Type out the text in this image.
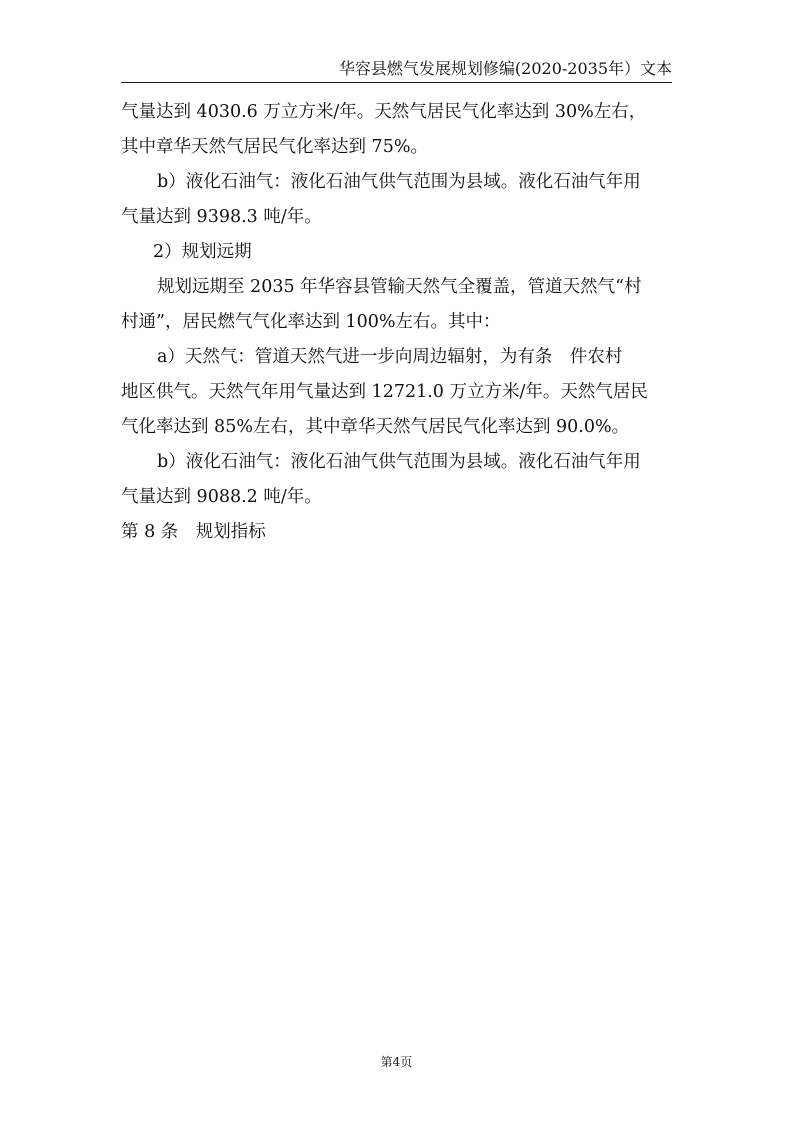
华容县燃气发展规划修编(2020-2035年）文本

气量达到 4030.6 万立方米/年。天然气居民气化率达到 30%左右，

其中章华天然气居民气化率达到 75%。

b）液化石油气：液化石油气供气范围为县域。液化石油气年用

气量达到 9398.3 吨/年。

2）规划远期

规划远期至 2035 年华容县管输天然气全覆盖，管道天然气“村

村通”，居民燃气气化率达到 100%左右。其中：

a）天然气：管道天然气进一步向周边辐射，为有条　件农村

地区供气。天然气年用气量达到 12721.0 万立方米/年。天然气居民

气化率达到 85%左右，其中章华天然气居民气化率达到 90.0%。

b）液化石油气：液化石油气供气范围为县域。液化石油气年用

气量达到 9088.2 吨/年。

第 8 条　规划指标

第4页
